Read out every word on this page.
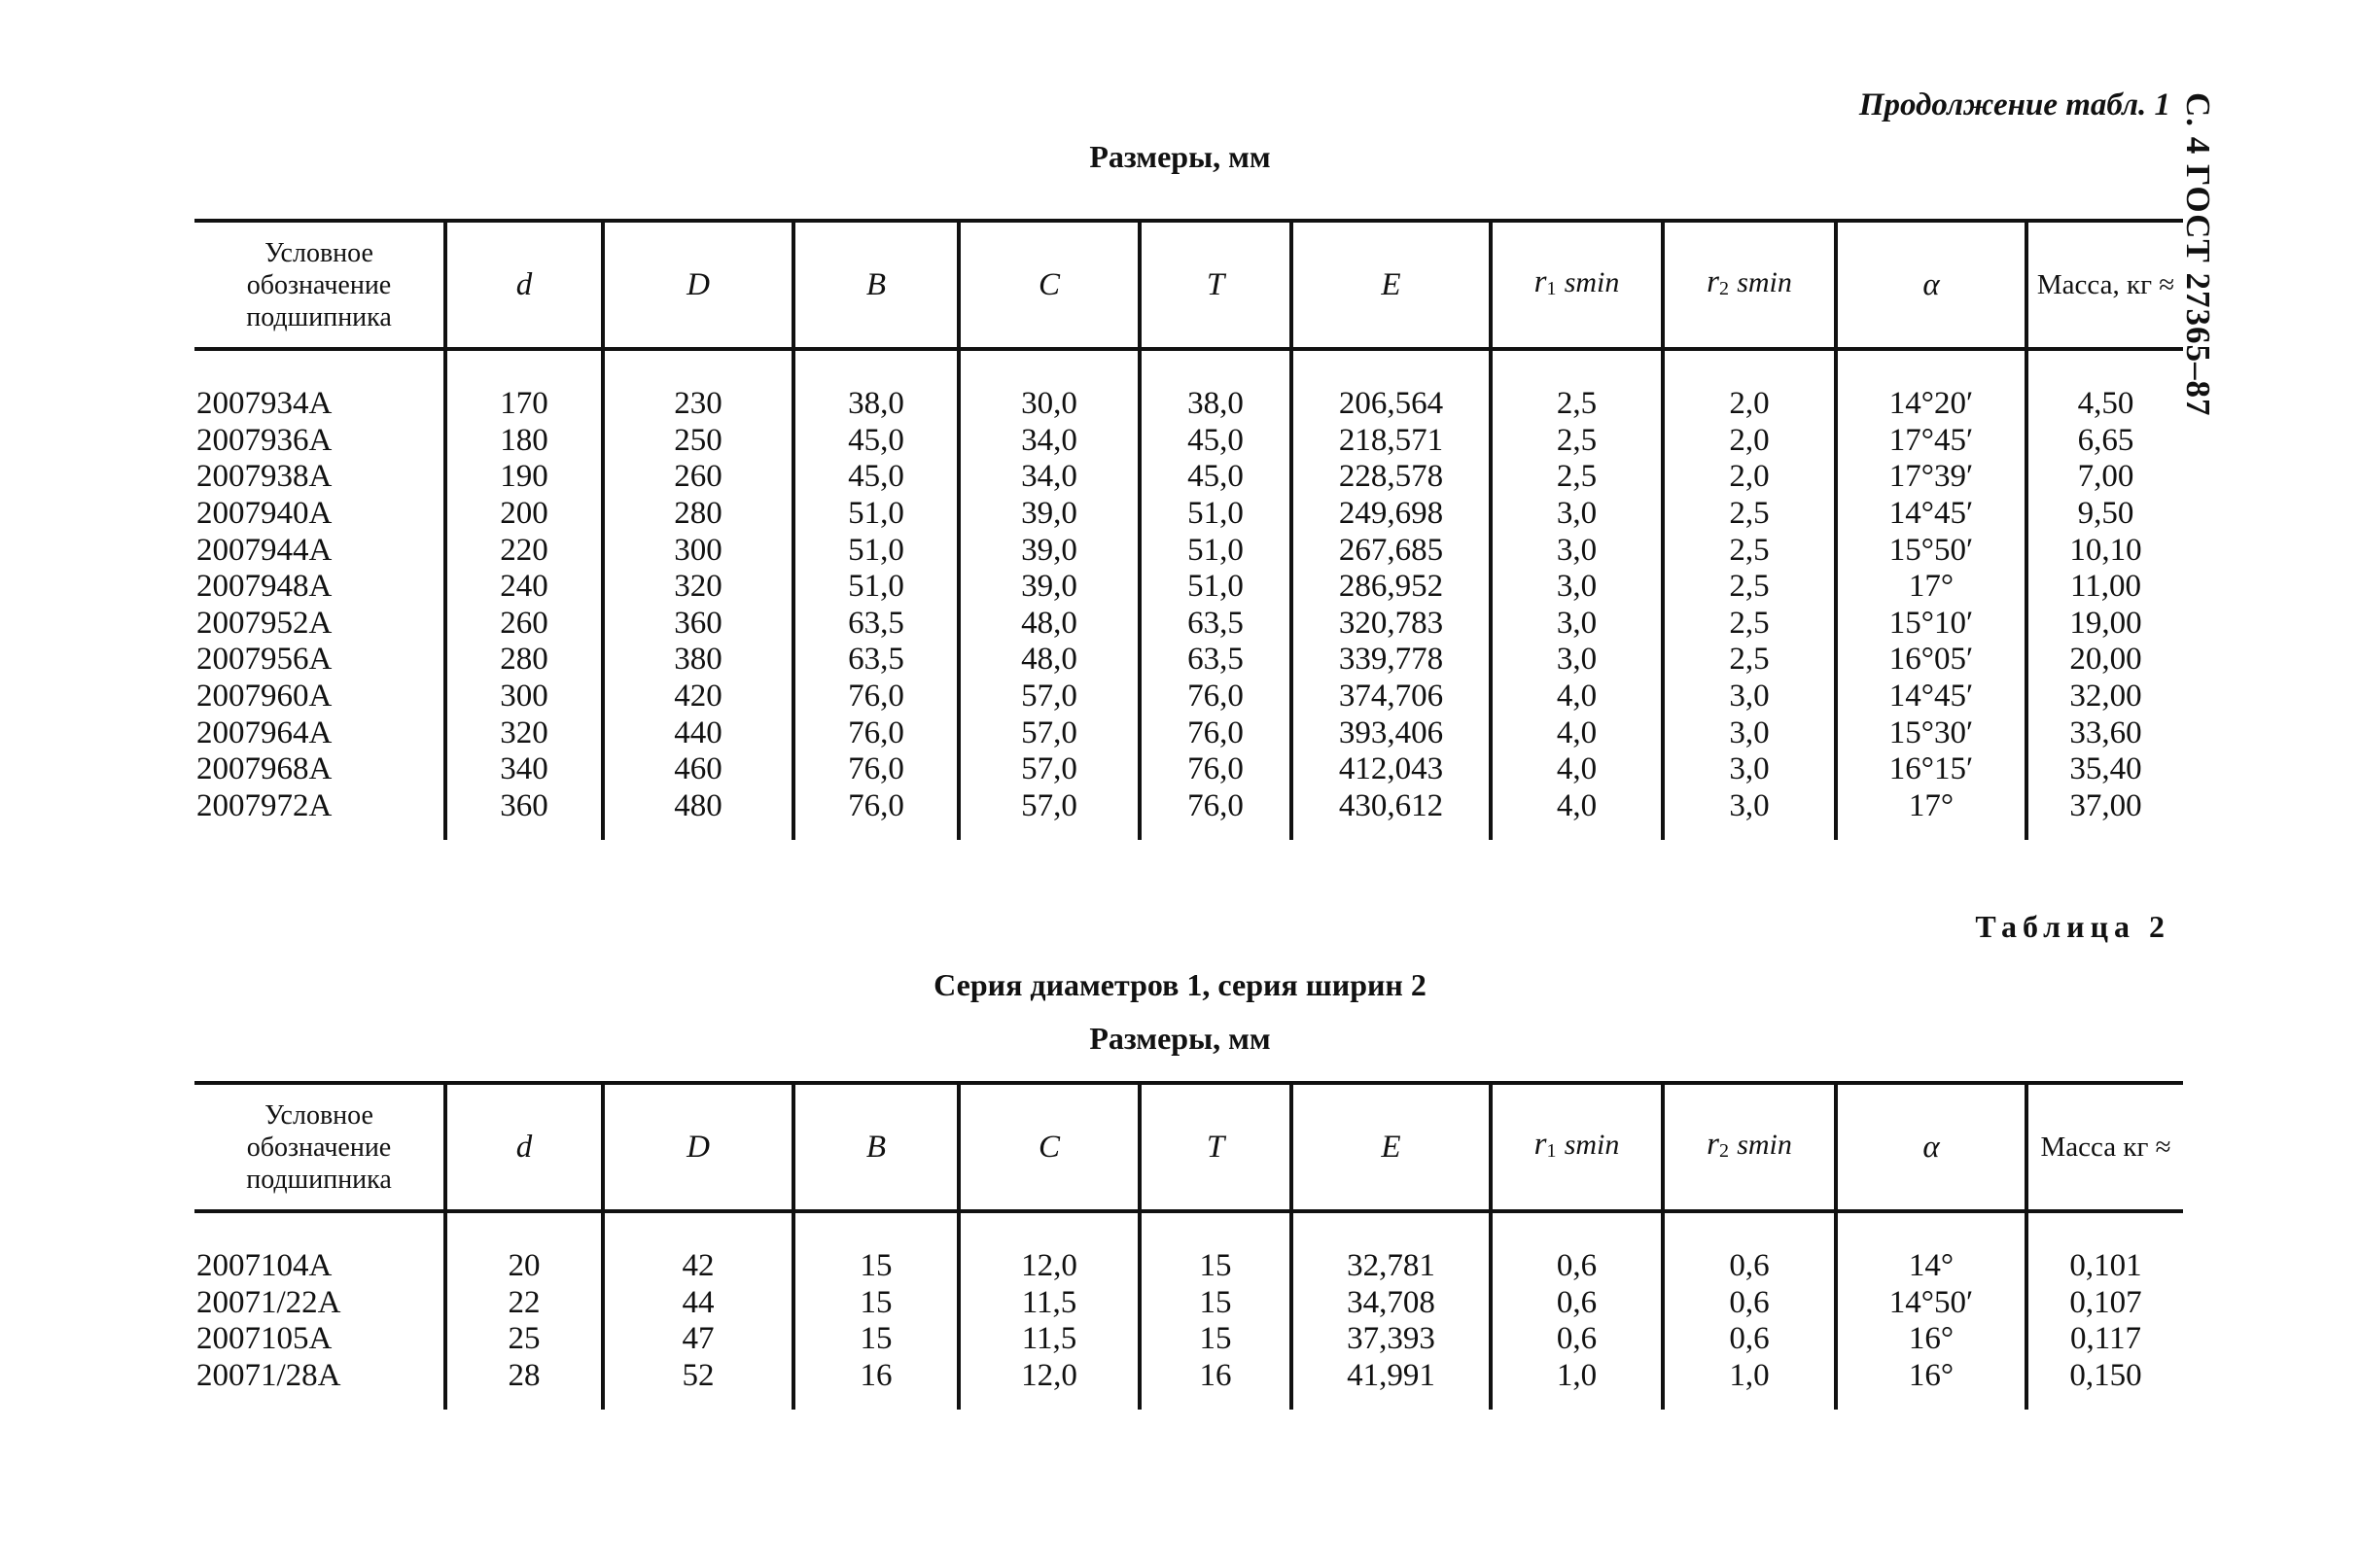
С. 4 ГОСТ 27365–87
Продолжение табл. 1
Размеры, мм
Условное обозначение подшипника	d	D	B	C	T	E	r1 smin	r2 smin	α	Масса, кг ≈

2007934A	170	230	38,0	30,0	38,0	206,564	2,5	2,0	14°20′	4,50
2007936A	180	250	45,0	34,0	45,0	218,571	2,5	2,0	17°45′	6,65
2007938A	190	260	45,0	34,0	45,0	228,578	2,5	2,0	17°39′	7,00
2007940A	200	280	51,0	39,0	51,0	249,698	3,0	2,5	14°45′	9,50
2007944A	220	300	51,0	39,0	51,0	267,685	3,0	2,5	15°50′	10,10
2007948A	240	320	51,0	39,0	51,0	286,952	3,0	2,5	17°	11,00
2007952A	260	360	63,5	48,0	63,5	320,783	3,0	2,5	15°10′	19,00
2007956A	280	380	63,5	48,0	63,5	339,778	3,0	2,5	16°05′	20,00
2007960A	300	420	76,0	57,0	76,0	374,706	4,0	3,0	14°45′	32,00
2007964A	320	440	76,0	57,0	76,0	393,406	4,0	3,0	15°30′	33,60
2007968A	340	460	76,0	57,0	76,0	412,043	4,0	3,0	16°15′	35,40
2007972A	360	480	76,0	57,0	76,0	430,612	4,0	3,0	17°	37,00

Таблица 2
Серия диаметров 1, серия ширин 2
Размеры, мм
Условное обозначение подшипника	d	D	B	C	T	E	r1 smin	r2 smin	α	Масса кг ≈

2007104A	20	42	15	12,0	15	32,781	0,6	0,6	14°	0,101
20071/22A	22	44	15	11,5	15	34,708	0,6	0,6	14°50′	0,107
2007105A	25	47	15	11,5	15	37,393	0,6	0,6	16°	0,117
20071/28A	28	52	16	12,0	16	41,991	1,0	1,0	16°	0,150
